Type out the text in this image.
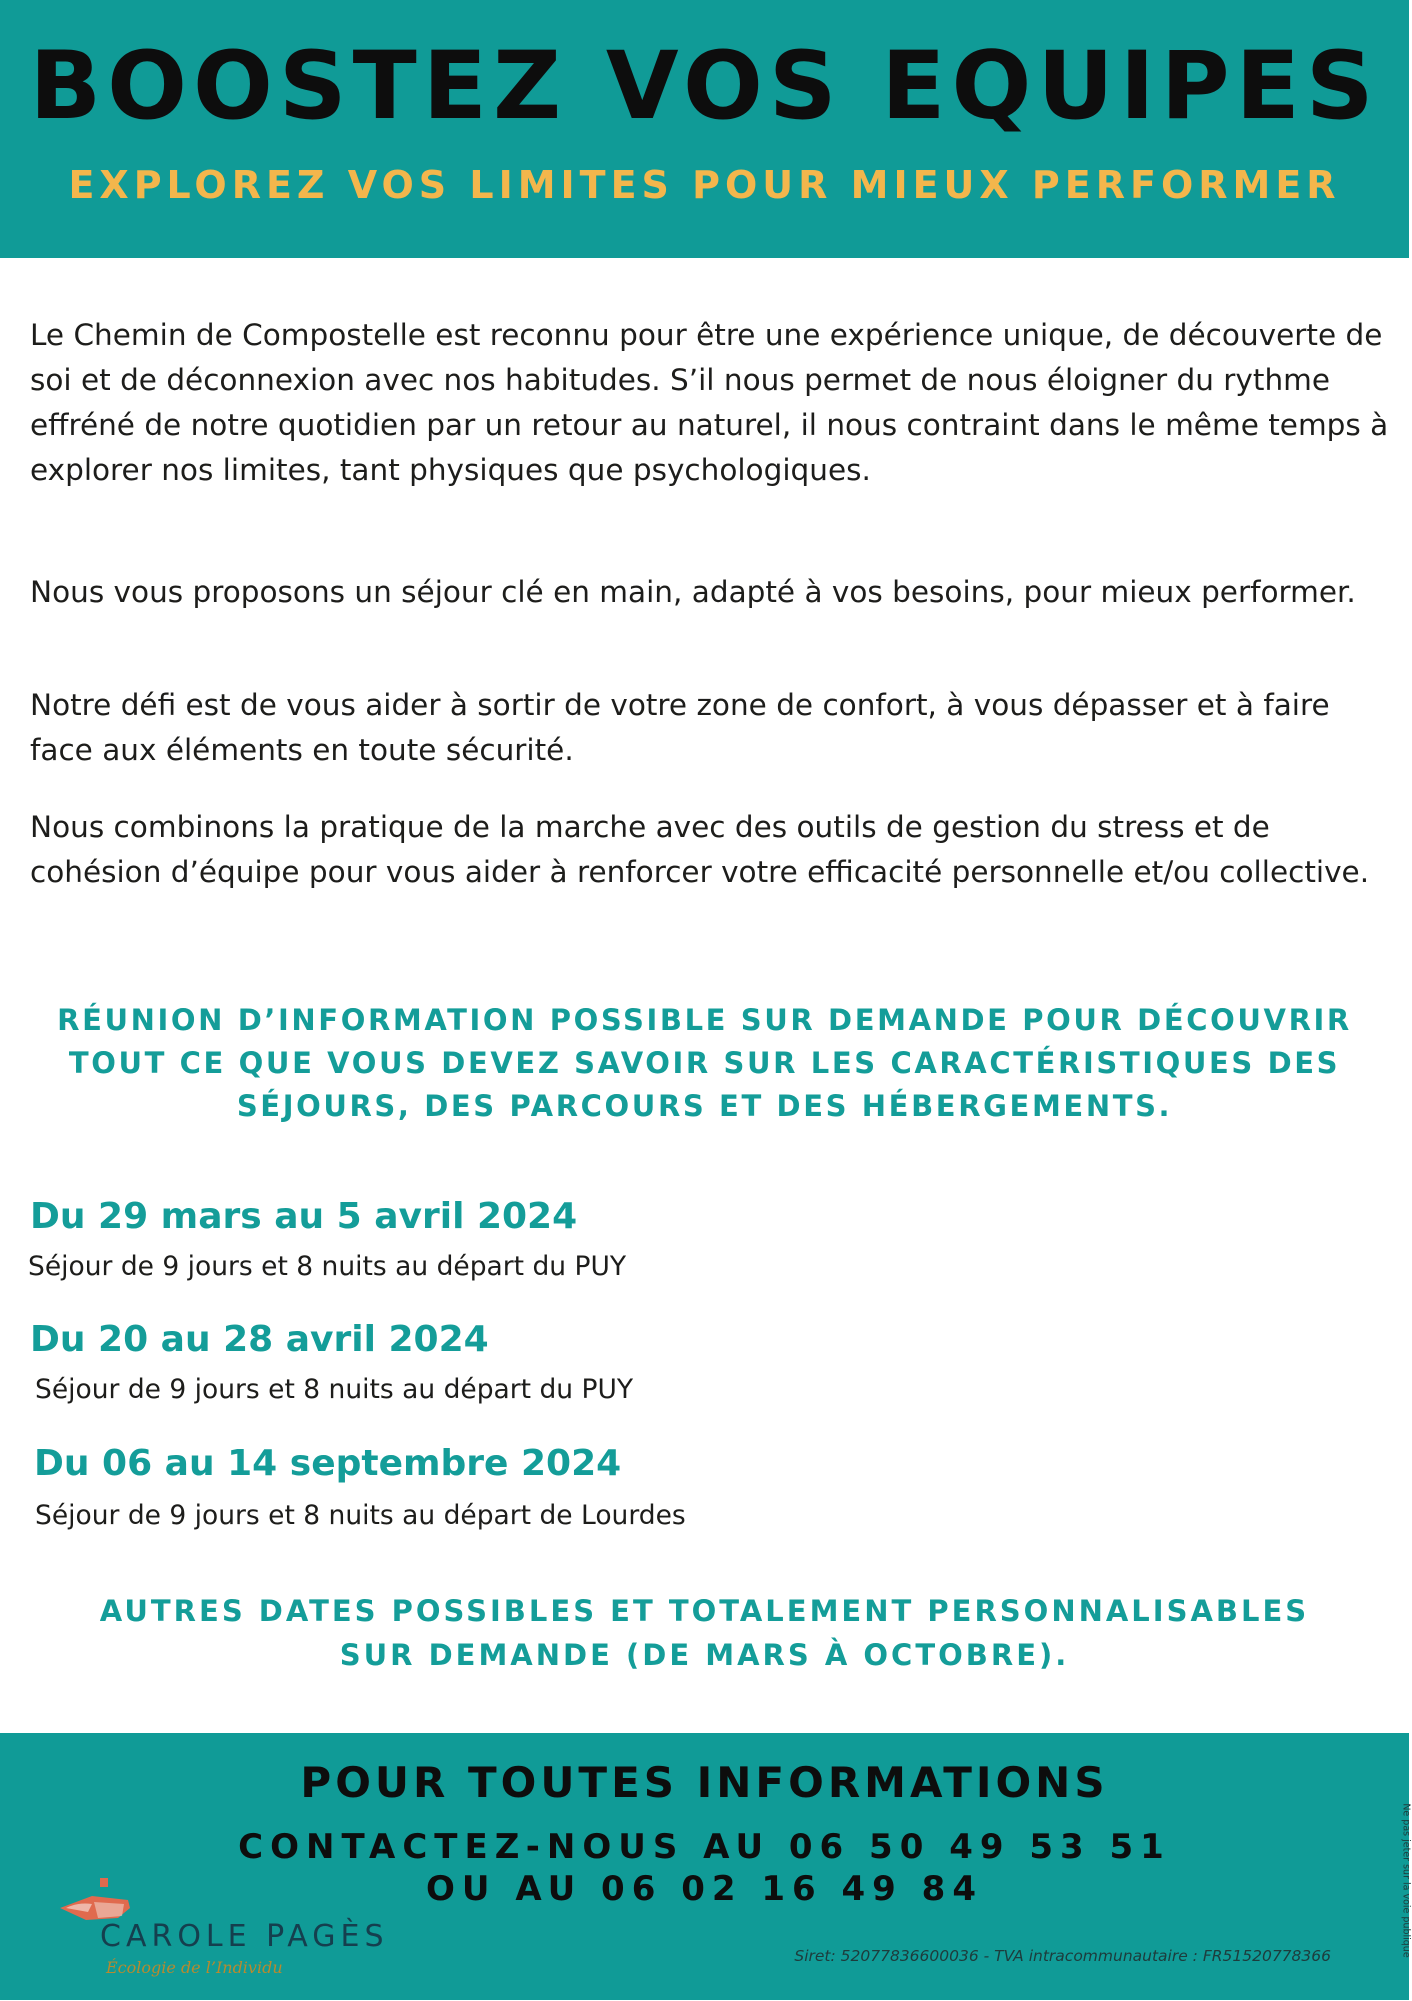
BOOSTEZ VOS EQUIPES
EXPLOREZ VOS LIMITES POUR MIEUX PERFORMER
Le Chemin de Compostelle est reconnu pour être une expérience unique, de découverte de soi et de déconnexion avec nos habitudes. S’il nous permet de nous éloigner du rythme effréné de notre quotidien par un retour au naturel, il nous contraint dans le même temps à explorer nos limites, tant physiques que psychologiques.
Nous vous proposons un séjour clé en main, adapté à vos besoins, pour mieux performer.
Notre défi est de vous aider à sortir de votre zone de confort, à vous dépasser et à faire face aux éléments en toute sécurité.
Nous combinons la pratique de la marche avec des outils de gestion du stress et de cohésion d’équipe pour vous aider à renforcer votre efficacité personnelle et/ou collective.
RÉUNION D’INFORMATION POSSIBLE SUR DEMANDE POUR DÉCOUVRIR
TOUT CE QUE VOUS DEVEZ SAVOIR SUR LES CARACTÉRISTIQUES DES
SÉJOURS, DES PARCOURS ET DES HÉBERGEMENTS.
Du 29 mars au 5 avril 2024
Séjour de 9 jours et 8 nuits au départ du PUY
Du 20 au 28 avril 2024
Séjour de 9 jours et 8 nuits au départ du PUY
Du 06 au 14 septembre 2024
Séjour de 9 jours et 8 nuits au départ de Lourdes
AUTRES DATES POSSIBLES ET TOTALEMENT PERSONNALISABLES
SUR DEMANDE (DE MARS À OCTOBRE).
POUR TOUTES INFORMATIONS
CONTACTEZ-NOUS AU 06 50 49 53 51
OU AU 06 02 16 49 84
CAROLE PAGÈS
Écologie de l’Individu
Siret: 52077836600036 - TVA intracommunautaire : FR51520778366	Ne pas jeter sur la voie publique
